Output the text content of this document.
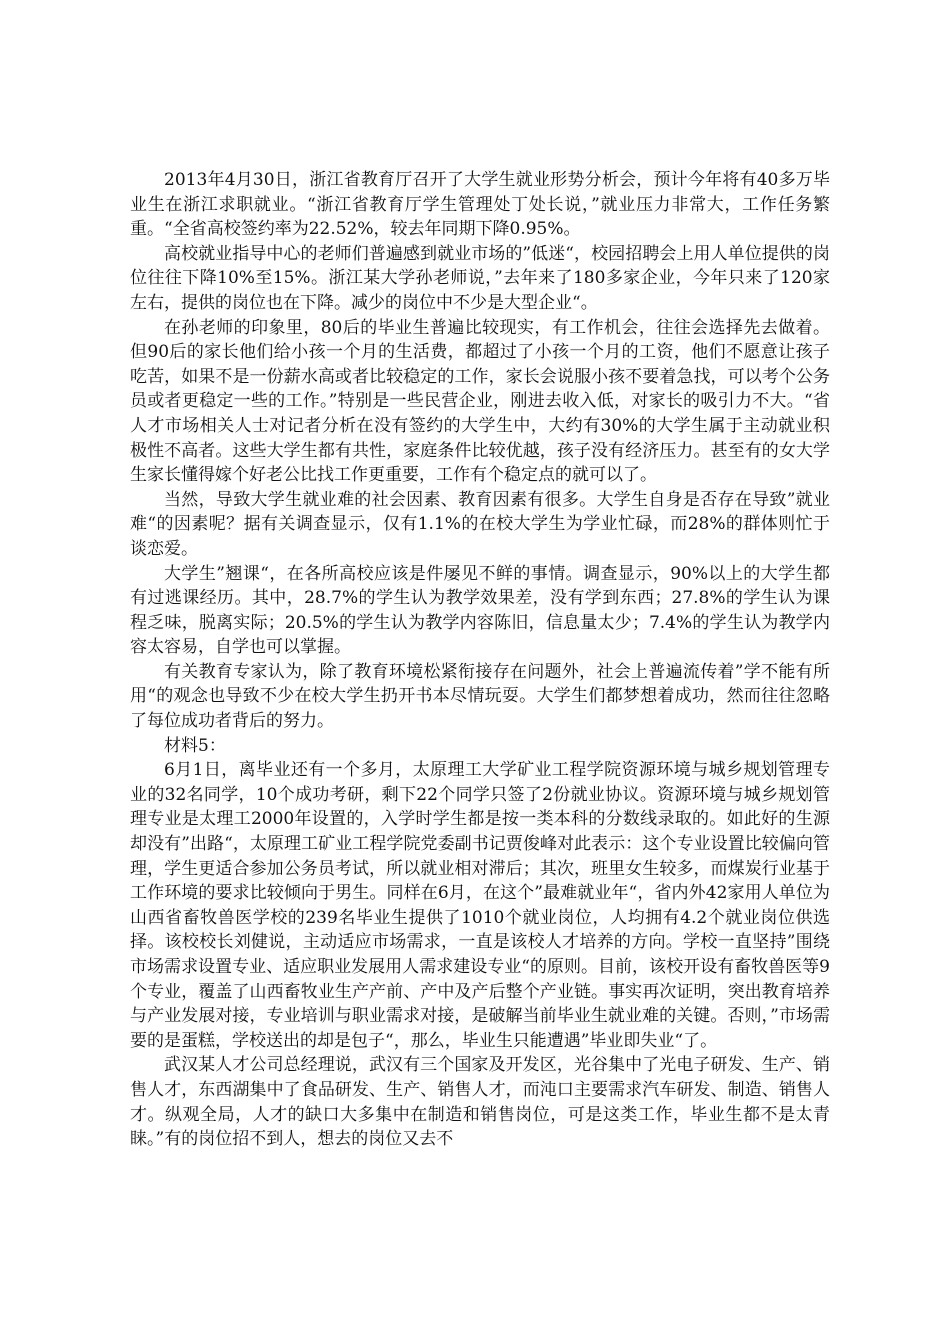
2013年4月30日，浙江省教育厅召开了大学生就业形势分析会，预计今年将有40多万毕业生在浙江求职就业。“浙江省教育厅学生管理处丁处长说，”就业压力非常大，工作任务繁重。“全省高校签约率为22.52%，较去年同期下降0.95%。

高校就业指导中心的老师们普遍感到就业市场的”低迷“，校园招聘会上用人单位提供的岗位往往下降10%至15%。浙江某大学孙老师说，”去年来了180多家企业，今年只来了120家左右，提供的岗位也在下降。减少的岗位中不少是大型企业“。

在孙老师的印象里，80后的毕业生普遍比较现实，有工作机会，往往会选择先去做着。但90后的家长他们给小孩一个月的生活费，都超过了小孩一个月的工资，他们不愿意让孩子吃苦，如果不是一份薪水高或者比较稳定的工作，家长会说服小孩不要着急找，可以考个公务员或者更稳定一些的工作。”特别是一些民营企业，刚进去收入低，对家长的吸引力不大。“省人才市场相关人士对记者分析在没有签约的大学生中，大约有30%的大学生属于主动就业积极性不高者。这些大学生都有共性，家庭条件比较优越，孩子没有经济压力。甚至有的女大学生家长懂得嫁个好老公比找工作更重要，工作有个稳定点的就可以了。

当然，导致大学生就业难的社会因素、教育因素有很多。大学生自身是否存在导致”就业难“的因素呢？据有关调查显示，仅有1.1%的在校大学生为学业忙碌，而28%的群体则忙于谈恋爱。

大学生”翘课“，在各所高校应该是件屡见不鲜的事情。调查显示，90%以上的大学生都有过逃课经历。其中，28.7%的学生认为教学效果差，没有学到东西；27.8%的学生认为课程乏味，脱离实际；20.5%的学生认为教学内容陈旧，信息量太少；7.4%的学生认为教学内容太容易，自学也可以掌握。

有关教育专家认为，除了教育环境松紧衔接存在问题外，社会上普遍流传着”学不能有所用“的观念也导致不少在校大学生扔开书本尽情玩耍。大学生们都梦想着成功，然而往往忽略了每位成功者背后的努力。

材料5：

6月1日，离毕业还有一个多月，太原理工大学矿业工程学院资源环境与城乡规划管理专业的32名同学，10个成功考研，剩下22个同学只签了2份就业协议。资源环境与城乡规划管理专业是太理工2000年设置的，入学时学生都是按一类本科的分数线录取的。如此好的生源却没有”出路“，太原理工矿业工程学院党委副书记贾俊峰对此表示：这个专业设置比较偏向管理，学生更适合参加公务员考试，所以就业相对滞后；其次，班里女生较多，而煤炭行业基于工作环境的要求比较倾向于男生。同样在6月，在这个”最难就业年“，省内外42家用人单位为山西省畜牧兽医学校的239名毕业生提供了1010个就业岗位，人均拥有4.2个就业岗位供选择。该校校长刘健说，主动适应市场需求，一直是该校人才培养的方向。学校一直坚持”围绕市场需求设置专业、适应职业发展用人需求建设专业“的原则。目前，该校开设有畜牧兽医等9个专业，覆盖了山西畜牧业生产产前、产中及产后整个产业链。事实再次证明，突出教育培养与产业发展对接，专业培训与职业需求对接，是破解当前毕业生就业难的关键。否则，”市场需要的是蛋糕，学校送出的却是包子“，那么，毕业生只能遭遇”毕业即失业“了。

武汉某人才公司总经理说，武汉有三个国家及开发区，光谷集中了光电子研发、生产、销售人才，东西湖集中了食品研发、生产、销售人才，而沌口主要需求汽车研发、制造、销售人才。纵观全局，人才的缺口大多集中在制造和销售岗位，可是这类工作，毕业生都不是太青睐。”有的岗位招不到人，想去的岗位又去不
